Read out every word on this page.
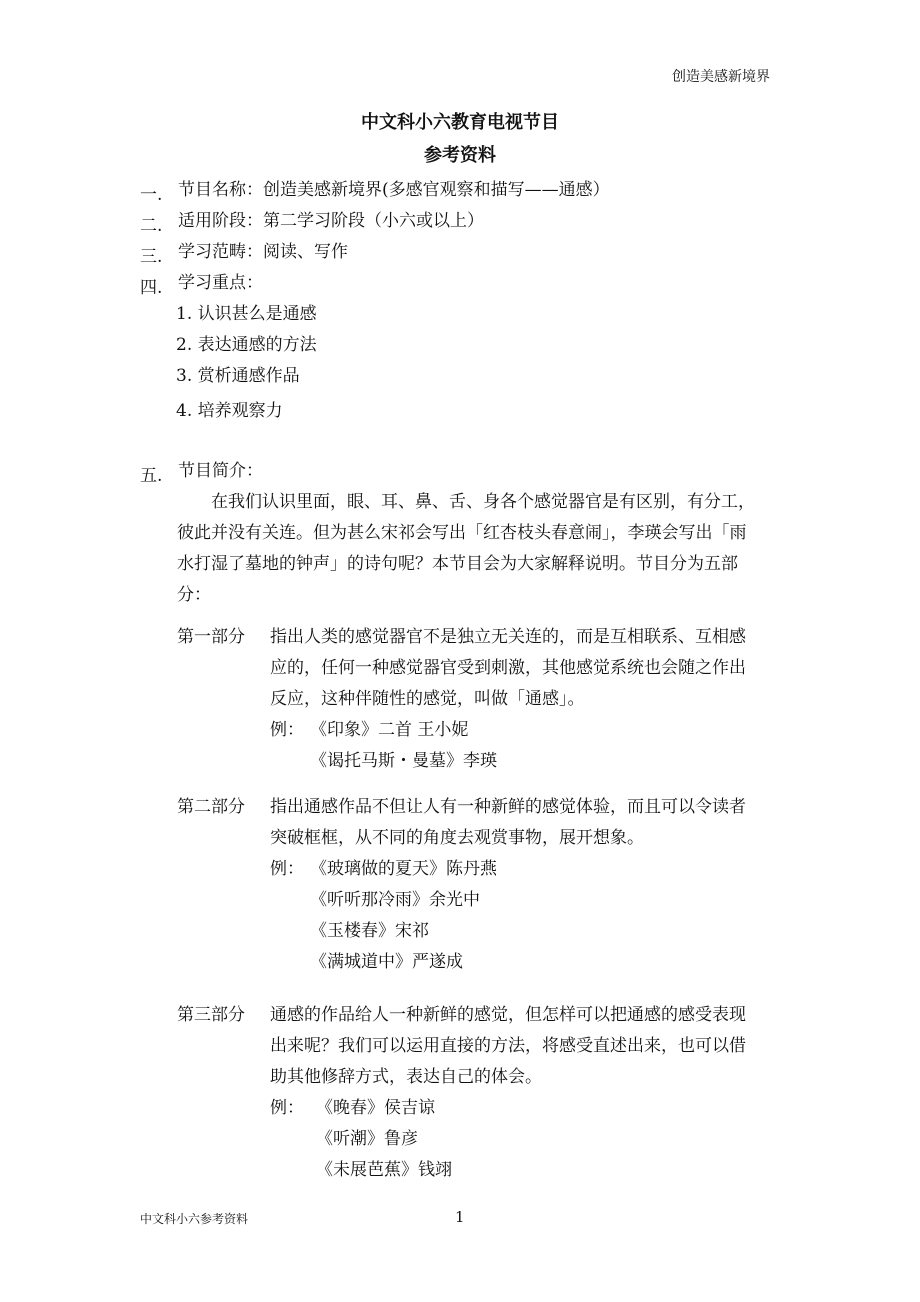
创造美感新境界
中文科小六教育电视节目
参考资料
一. 节目名称：创造美感新境界(多感官观察和描写——通感）
二. 适用阶段：第二学习阶段（小六或以上）
三. 学习范畴：阅读、写作
四. 学习重点：
1. 认识甚么是通感
2. 表达通感的方法
3. 赏析通感作品
4. 培养观察力
五. 节目简介：
在我们认识里面，眼、耳、鼻、舌、身各个感觉器官是有区别，有分工，
彼此并没有关连。但为甚么宋祁会写出「红杏枝头春意闹」，李瑛会写出「雨
水打湿了墓地的钟声」的诗句呢？本节目会为大家解释说明。节目分为五部
分：
第一部分 指出人类的感觉器官不是独立无关连的，而是互相联系、互相感
应的，任何一种感觉器官受到刺激，其他感觉系统也会随之作出
反应，这种伴随性的感觉，叫做「通感」。
例： 《印象》二首 王小妮
《谒托马斯・曼墓》李瑛
第二部分 指出通感作品不但让人有一种新鲜的感觉体验，而且可以令读者
突破框框，从不同的角度去观赏事物，展开想象。
例： 《玻璃做的夏天》陈丹燕
《听听那冷雨》余光中
《玉楼春》宋祁
《满城道中》严遂成
第三部分 通感的作品给人一种新鲜的感觉，但怎样可以把通感的感受表现
出来呢？我们可以运用直接的方法，将感受直述出来，也可以借
助其他修辞方式，表达自己的体会。
例： 《晚春》侯吉谅
《听潮》鲁彦
《未展芭蕉》钱翊
中文科小六参考资料	1
